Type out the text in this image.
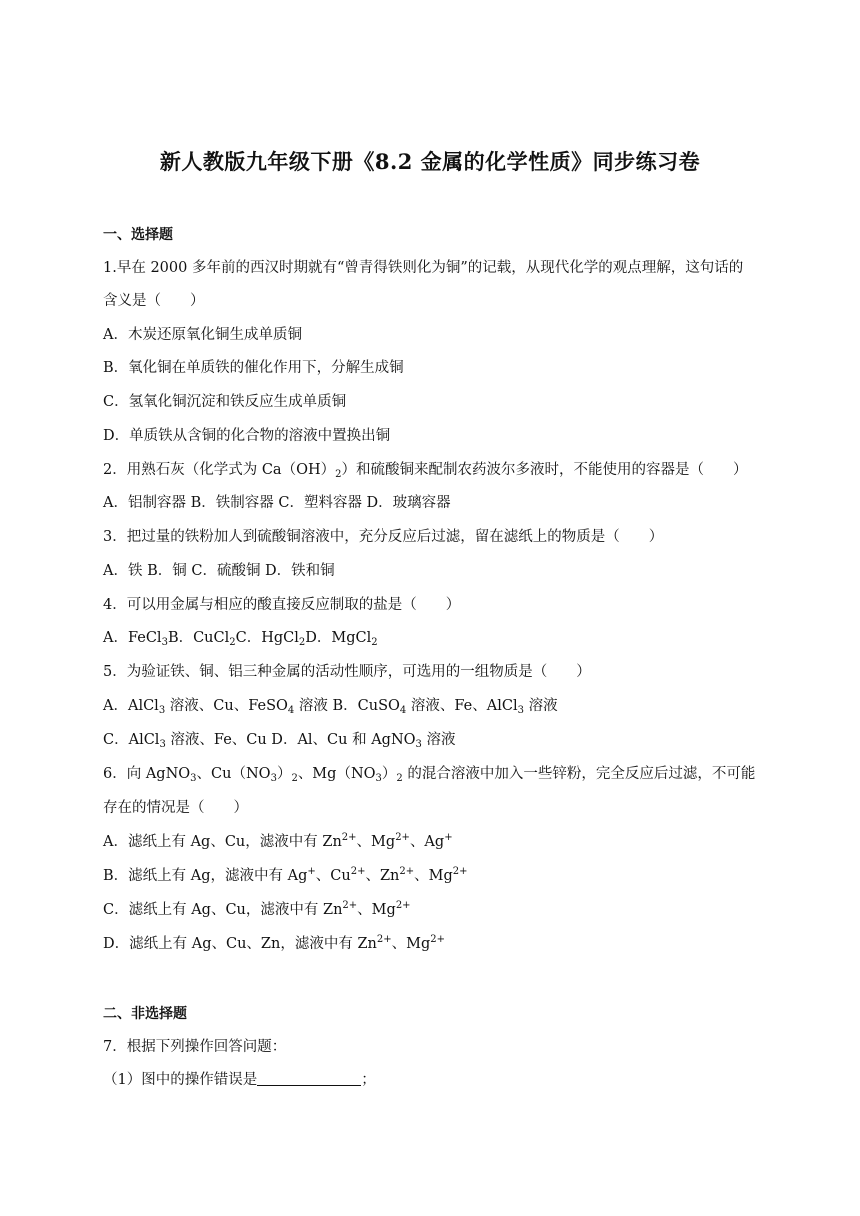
新人教版九年级下册《8.2 金属的化学性质》同步练习卷
一、选择题
1.早在 2000 多年前的西汉时期就有“曾青得铁则化为铜”的记载，从现代化学的观点理解，这句话的
含义是（　　）
A．木炭还原氧化铜生成单质铜
B．氧化铜在单质铁的催化作用下，分解生成铜
C．氢氧化铜沉淀和铁反应生成单质铜
D．单质铁从含铜的化合物的溶液中置换出铜
2．用熟石灰（化学式为 $Ca(OH)_2$）和硫酸铜来配制农药波尔多液时，不能使用的容器是（　　）
A．铝制容器 B．铁制容器 C．塑料容器 D．玻璃容器
3．把过量的铁粉加人到硫酸铜溶液中，充分反应后过滤，留在滤纸上的物质是（　　）
A．铁 B．铜 C．硫酸铜 D．铁和铜
4．可以用金属与相应的酸直接反应制取的盐是（　　）
A．FeCl$_3$B．CuCl$_2$C．HgCl$_2$D．MgCl$_2$
5．为验证铁、铜、铝三种金属的活动性顺序，可选用的一组物质是（　　）
A．AlCl$_3$ 溶液、Cu、FeSO$_4$ 溶液 B．CuSO$_4$ 溶液、Fe、AlCl$_3$ 溶液
C．AlCl$_3$ 溶液、Fe、Cu D．Al、Cu 和 AgNO$_3$ 溶液
6．向 AgNO$_3$、$Cu(NO_3)_2$、$Mg(NO_3)_2$ 的混合溶液中加入一些锌粉，完全反应后过滤，不可能
存在的情况是（　　）
A．滤纸上有 Ag、Cu，滤液中有 $Zn^{2+}$、$Mg^{2+}$、Ag+
B．滤纸上有 Ag，滤液中有 Ag+、$Cu^{2+}$、$Zn^{2+}$、$Mg^{2+}$
C．滤纸上有 Ag、Cu，滤液中有 $Zn^{2+}$、$Mg^{2+}$
D．滤纸上有 Ag、Cu、Zn，滤液中有 $Zn^{2+}$、$Mg^{2+}$
二、非选择题
7．根据下列操作回答问题：
（1）图中的操作错误是	；
